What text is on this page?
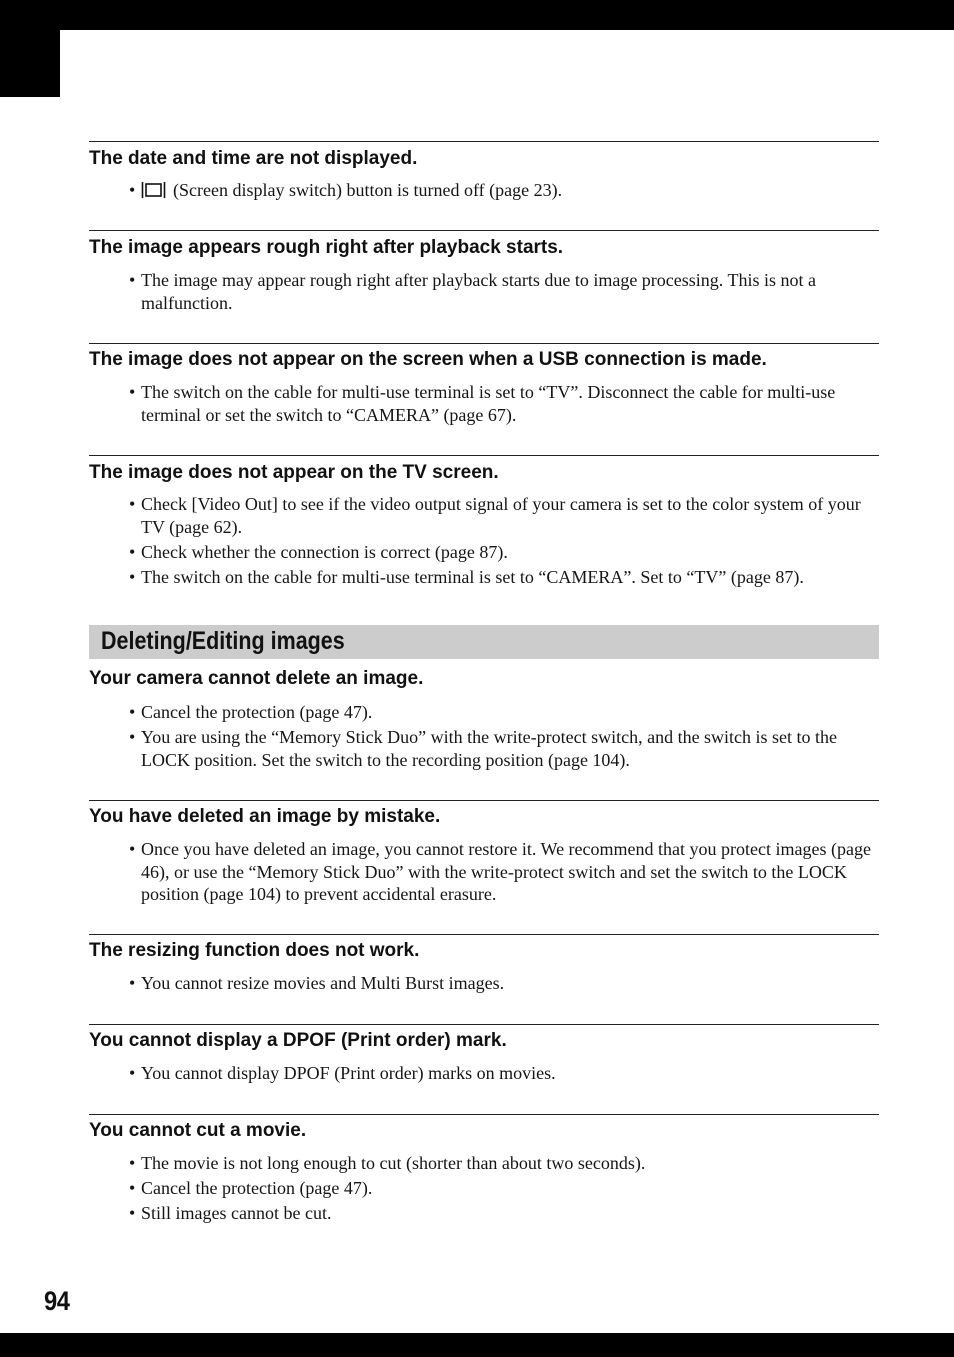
The date and time are not displayed.
• (Screen display switch) button is turned off (page 23).
The image appears rough right after playback starts.
• The image may appear rough right after playback starts due to image processing. This is not a malfunction.
The image does not appear on the screen when a USB connection is made.
• The switch on the cable for multi-use terminal is set to “TV”. Disconnect the cable for multi-use terminal or set the switch to “CAMERA” (page 67).
The image does not appear on the TV screen.
• Check [Video Out] to see if the video output signal of your camera is set to the color system of your TV (page 62).
• Check whether the connection is correct (page 87).
• The switch on the cable for multi-use terminal is set to “CAMERA”. Set to “TV” (page 87).
Deleting/Editing images
Your camera cannot delete an image.
• Cancel the protection (page 47).
• You are using the “Memory Stick Duo” with the write-protect switch, and the switch is set to the LOCK position. Set the switch to the recording position (page 104).
You have deleted an image by mistake.
• Once you have deleted an image, you cannot restore it. We recommend that you protect images (page 46), or use the “Memory Stick Duo” with the write-protect switch and set the switch to the LOCK position (page 104) to prevent accidental erasure.
The resizing function does not work.
• You cannot resize movies and Multi Burst images.
You cannot display a DPOF (Print order) mark.
• You cannot display DPOF (Print order) marks on movies.
You cannot cut a movie.
• The movie is not long enough to cut (shorter than about two seconds).
• Cancel the protection (page 47).
• Still images cannot be cut.
94
